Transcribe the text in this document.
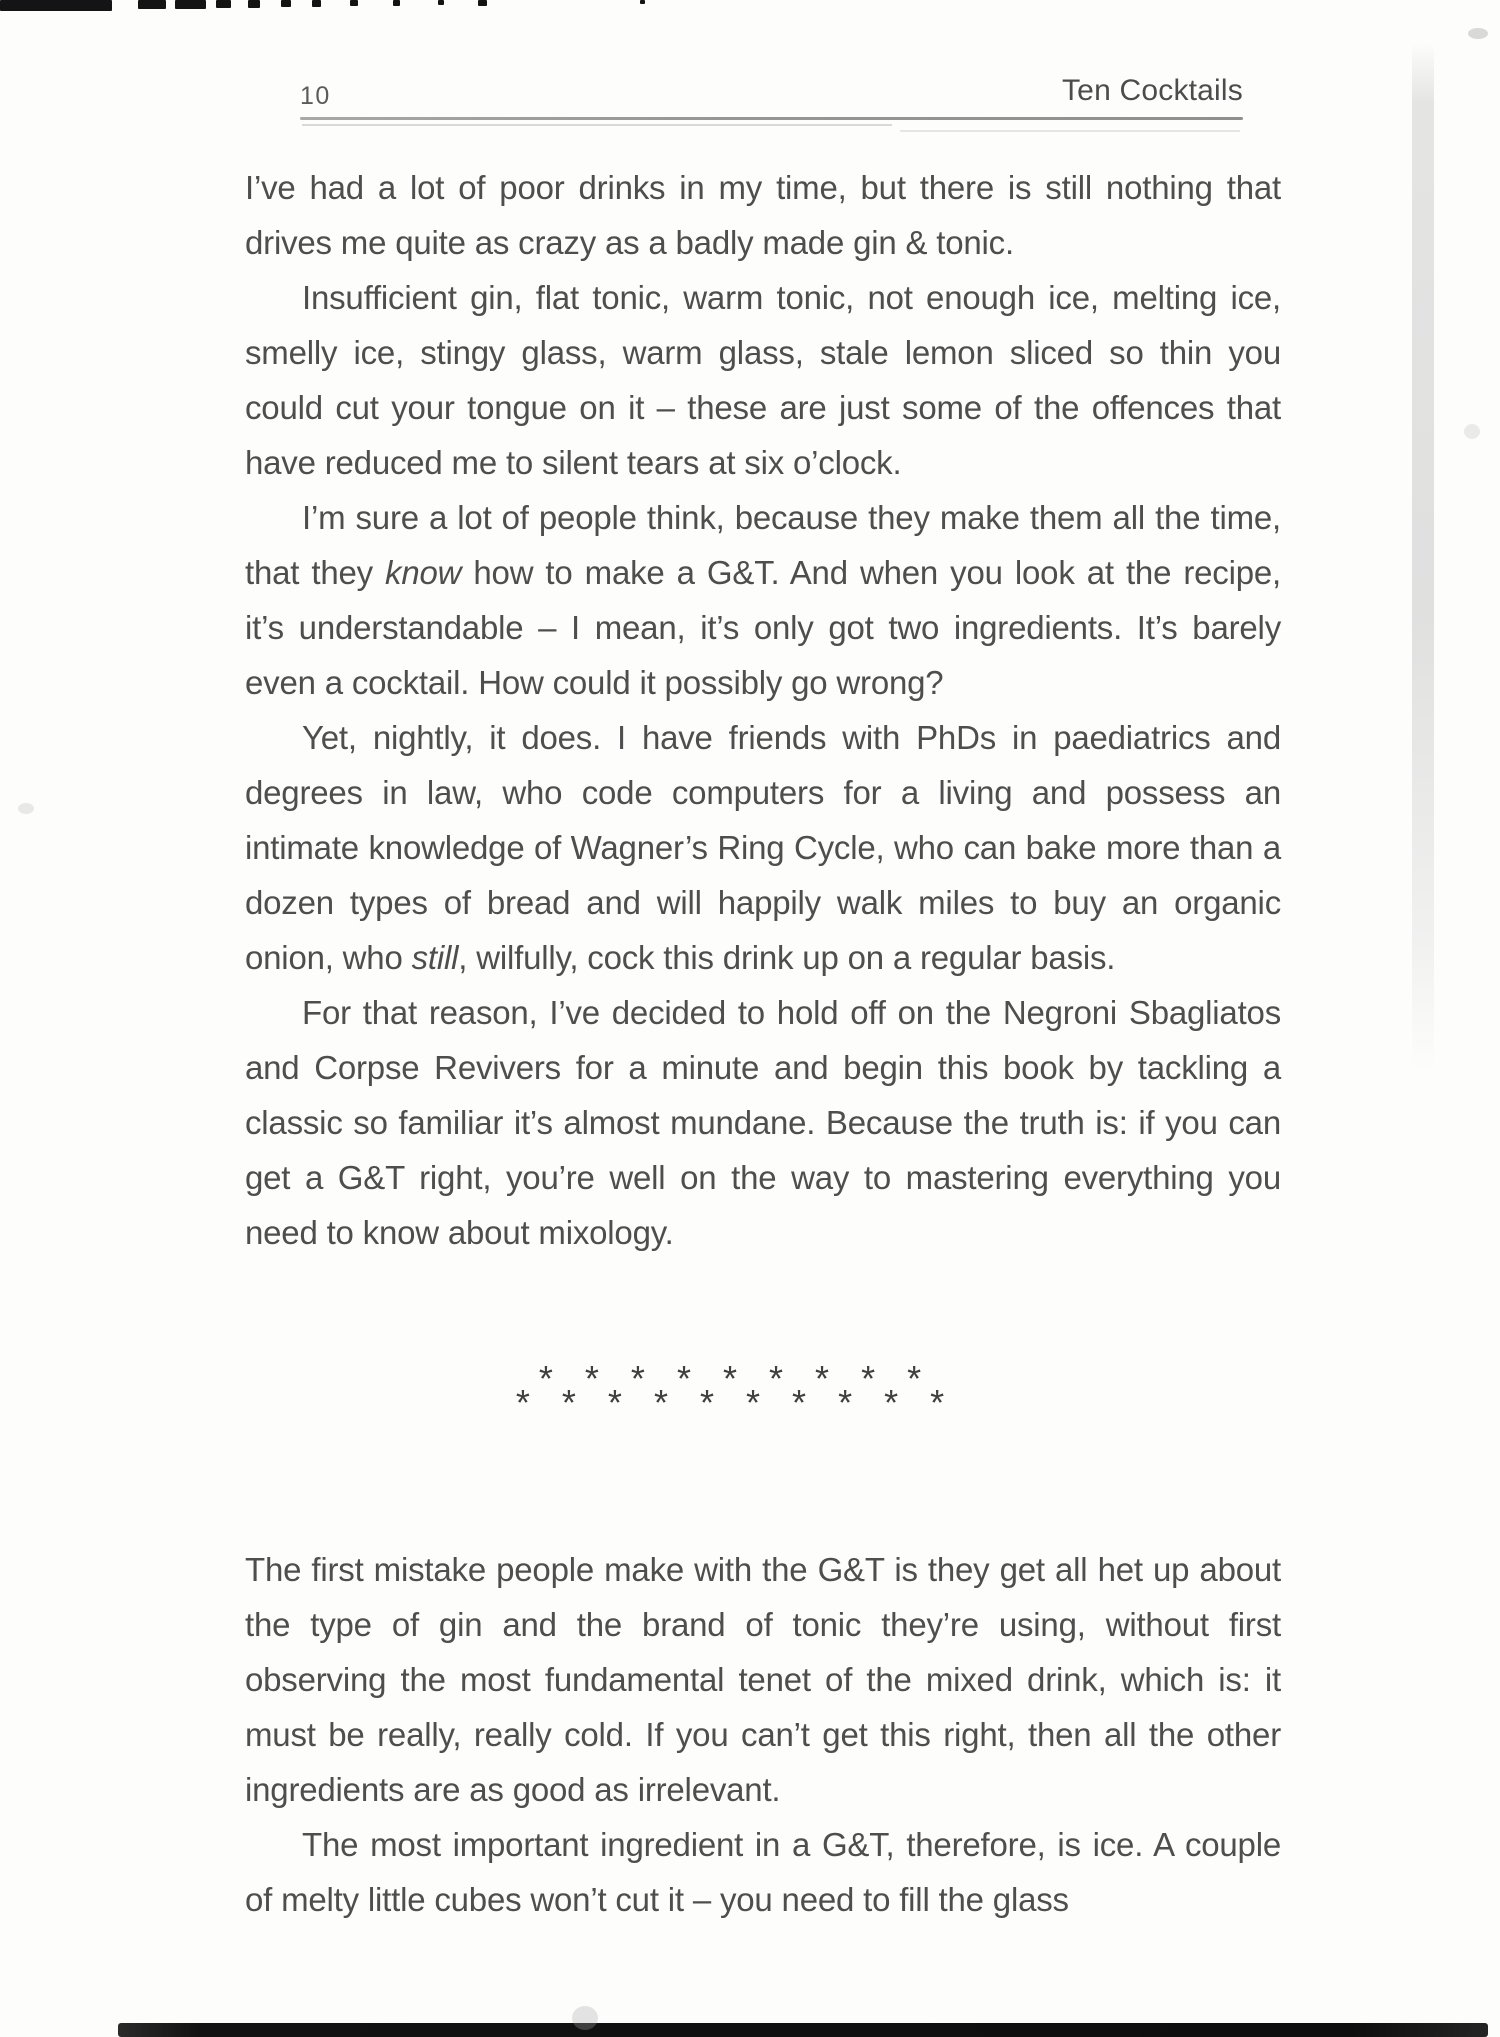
10	Ten Cocktails

I’ve had a lot of poor drinks in my time, but there is still nothing that drives me quite as crazy as a badly made gin & tonic.

Insufficient gin, flat tonic, warm tonic, not enough ice, melting ice, smelly ice, stingy glass, warm glass, stale lemon sliced so thin you could cut your tongue on it – these are just some of the offences that have reduced me to silent tears at six o’clock.

I’m sure a lot of people think, because they make them all the time, that they know how to make a G&T. And when you look at the recipe, it’s understandable – I mean, it’s only got two ingredients. It’s barely even a cocktail. How could it possibly go wrong?

Yet, nightly, it does. I have friends with PhDs in paediatrics and degrees in law, who code computers for a living and possess an intimate knowledge of Wagner’s Ring Cycle, who can bake more than a dozen types of bread and will happily walk miles to buy an organic onion, who still, wilfully, cock this drink up on a regular basis.

For that reason, I’ve decided to hold off on the Negroni Sbagliatos and Corpse Revivers for a minute and begin this book by tackling a classic so familiar it’s almost mundane. Because the truth is: if you can get a G&T right, you’re well on the way to mastering everything you need to know about mixology.

*
*
*
*
*
*
*
*
*
*
*
*
*
*
*
*
*
*
*

The first mistake people make with the G&T is they get all het up about the type of gin and the brand of tonic they’re using, without first observing the most fundamental tenet of the mixed drink, which is: it must be really, really cold. If you can’t get this right, then all the other ingredients are as good as irrelevant.

The most important ingredient in a G&T, therefore, is ice. A couple of melty little cubes won’t cut it – you need to fill the glass
